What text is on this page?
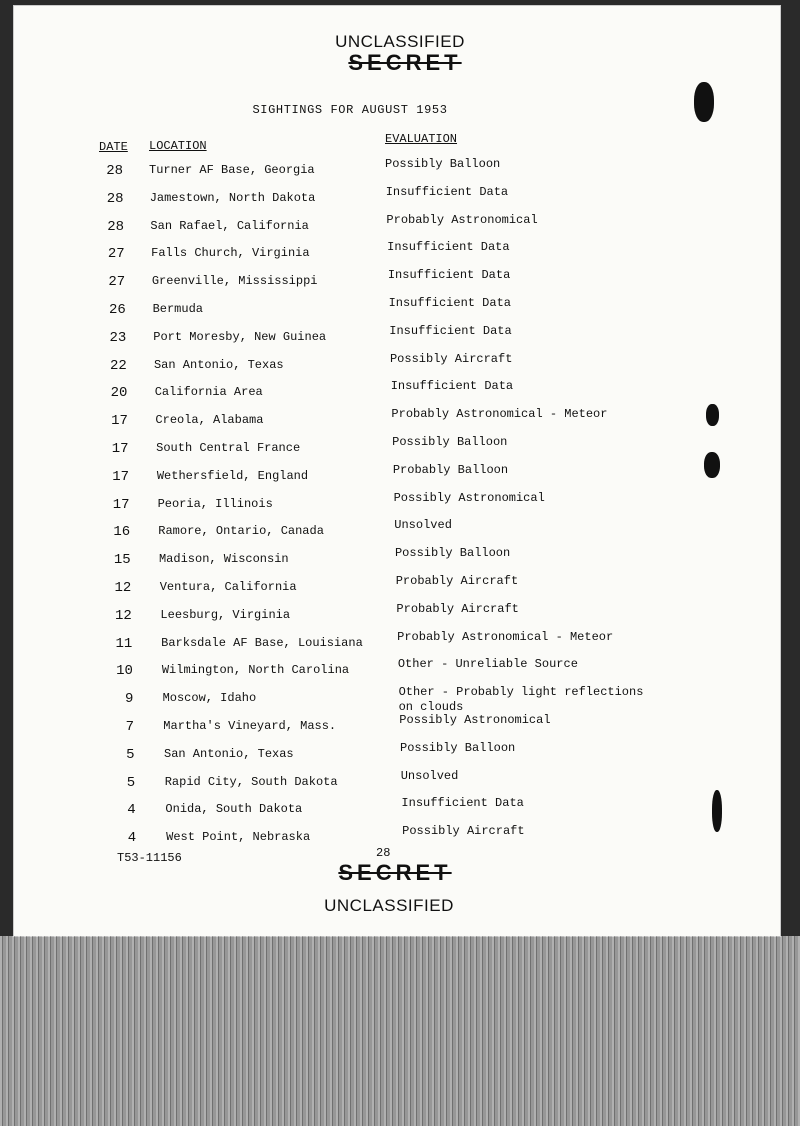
UNCLASSIFIED
SECRET
SIGHTINGS FOR AUGUST 1953
DATE LOCATION	EVALUATION
28 Turner AF Base, Georgia	Possibly Balloon
28 Jamestown, North Dakota	Insufficient Data
28 San Rafael, California	Probably Astronomical
27 Falls Church, Virginia	Insufficient Data
27 Greenville, Mississippi	Insufficient Data
26 Bermuda	Insufficient Data
23 Port Moresby, New Guinea	Insufficient Data
22 San Antonio, Texas	Possibly Aircraft
20 California Area	Insufficient Data
17 Creola, Alabama	Probably Astronomical - Meteor
17 South Central France	Possibly Balloon
17 Wethersfield, England	Probably Balloon
17 Peoria, Illinois	Possibly Astronomical
16 Ramore, Ontario, Canada	Unsolved
15 Madison, Wisconsin	Possibly Balloon
12 Ventura, California	Probably Aircraft
12 Leesburg, Virginia	Probably Aircraft
11 Barksdale AF Base, Louisiana	Probably Astronomical - Meteor
10 Wilmington, North Carolina	Other - Unreliable Source
9 Moscow, Idaho	Other - Probably light reflections
on clouds
7 Martha's Vineyard, Mass.	Possibly Astronomical
5 San Antonio, Texas	Possibly Balloon
5 Rapid City, South Dakota	Unsolved
4 Onida, South Dakota	Insufficient Data
4 West Point, Nebraska	Possibly Aircraft
T53-11156	28
SECRET
UNCLASSIFIED
